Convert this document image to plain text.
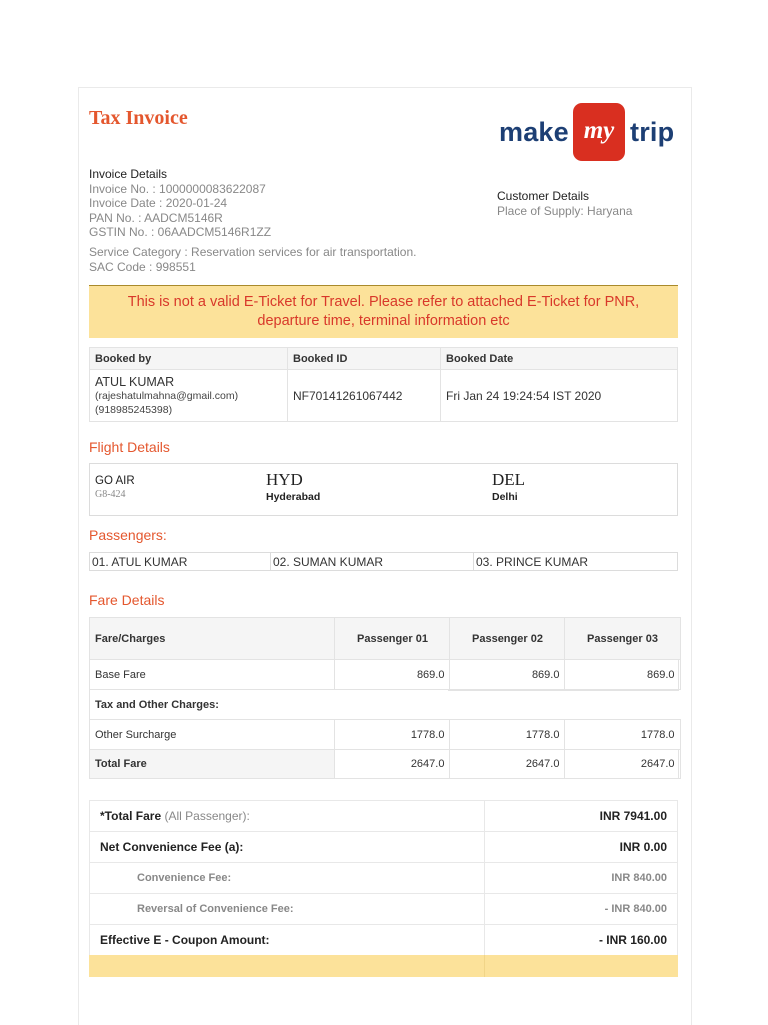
Tax Invoice	make my trip
Invoice Details
Invoice No. : 1000000083622087
Invoice Date : 2020-01-24
PAN No. : AADCM5146R
GSTIN No. : 06AADCM5146R1ZZ
Service Category : Reservation services for air transportation.
SAC Code : 998551
Customer Details
Place of Supply: Haryana
This is not a valid E-Ticket for Travel. Please refer to attached E-Ticket for PNR, departure time, terminal information etc
Booked by	Booked ID	Booked Date

ATUL KUMAR
(rajeshatulmahna@gmail.com)
(918985245398)	NF70141261067442	Fri Jan 24 19:24:54 IST 2020
Flight Details
GO AIR
G8-424
HYD
Hyderabad
DEL
Delhi
Passengers:
01. ATUL KUMAR	02. SUMAN KUMAR	03. PRINCE KUMAR
Fare Details
Fare/Charges	Passenger 01	Passenger 02	Passenger 03
Base Fare	869.0	869.0	869.0
Tax and Other Charges:			
Other Surcharge	1778.0	1778.0	1778.0
Total Fare	2647.0	2647.0	2647.0
*Total Fare (All Passenger):	INR 7941.00
Net Convenience Fee (a):	INR 0.00
Convenience Fee:	INR 840.00
Reversal of Convenience Fee:	- INR 840.00
Effective E - Coupon Amount:	- INR 160.00
